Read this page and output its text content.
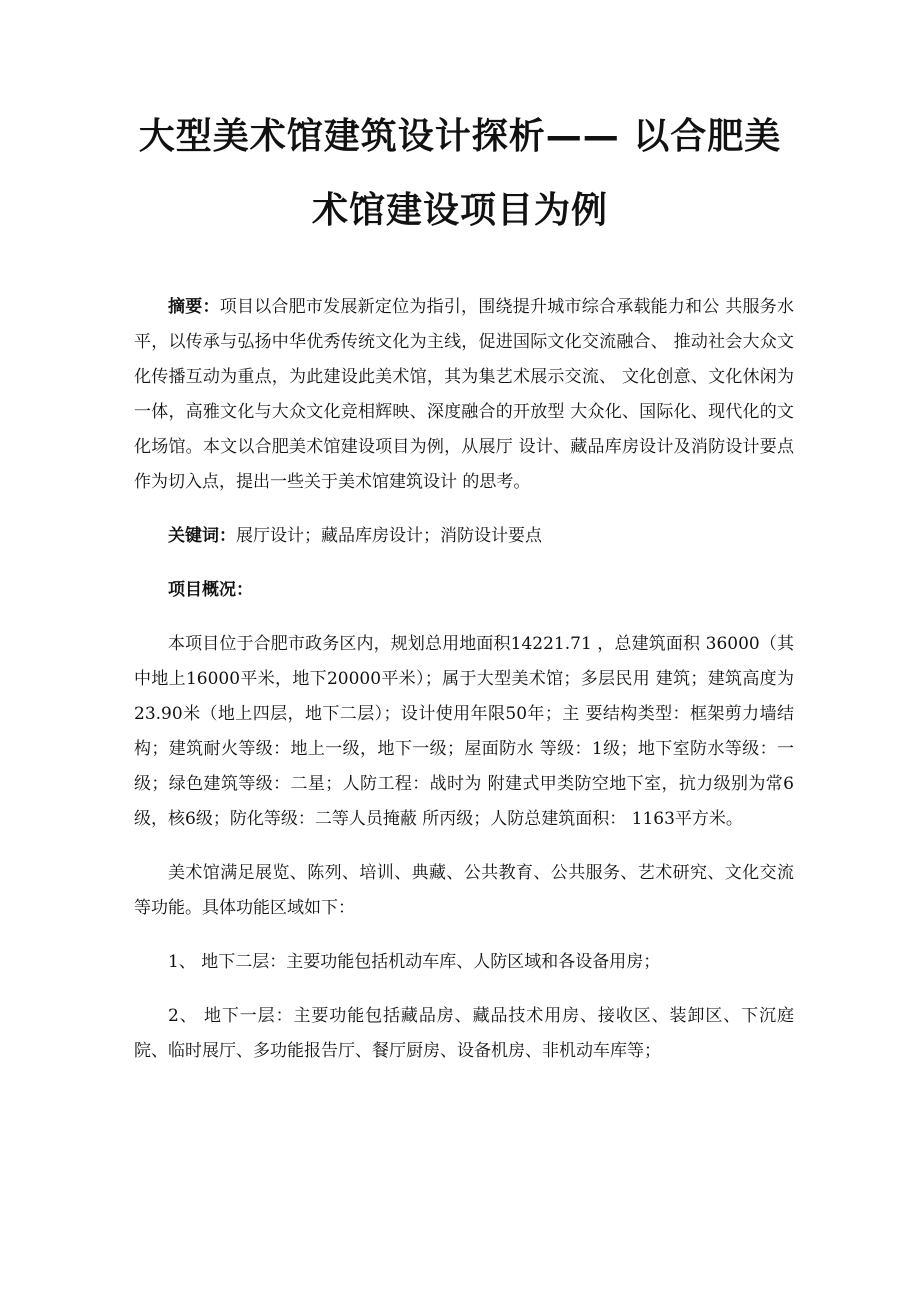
大型美术馆建筑设计探析—— 以合肥美
术馆建设项目为例

摘要：项目以合肥市发展新定位为指引，围绕提升城市综合承载能力和公 共服务水平，以传承与弘扬中华优秀传统文化为主线，促进国际文化交流融合、 推动社会大众文化传播互动为重点，为此建设此美术馆，其为集艺术展示交流、 文化创意、文化休闲为一体，高雅文化与大众文化竞相辉映、深度融合的开放型 大众化、国际化、现代化的文化场馆。本文以合肥美术馆建设项目为例，从展厅 设计、藏品库房设计及消防设计要点作为切入点，提出一些关于美术馆建筑设计 的思考。

关键词：展厅设计；藏品库房设计；消防设计要点

项目概况：

本项目位于合肥市政务区内，规划总用地面积14221.71 ，总建筑面积 36000（其中地上16000平米，地下20000平米）；属于大型美术馆；多层民用 建筑；建筑高度为23.90米（地上四层，地下二层）；设计使用年限50年；主 要结构类型：框架剪力墙结构；建筑耐火等级：地上一级，地下一级；屋面防水 等级：1级；地下室防水等级：一级；绿色建筑等级：二星；人防工程：战时为 附建式甲类防空地下室，抗力级别为常6级，核6级；防化等级：二等人员掩蔽 所丙级；人防总建筑面积： 1163平方米。

美术馆满足展览、陈列、培训、典藏、公共教育、公共服务、艺术研究、文化交流等功能。具体功能区域如下：

1、 地下二层：主要功能包括机动车库、人防区域和各设备用房；

2、 地下一层：主要功能包括藏品房、藏品技术用房、接收区、装卸区、下沉庭院、临时展厅、多功能报告厅、餐厅厨房、设备机房、非机动车库等；
